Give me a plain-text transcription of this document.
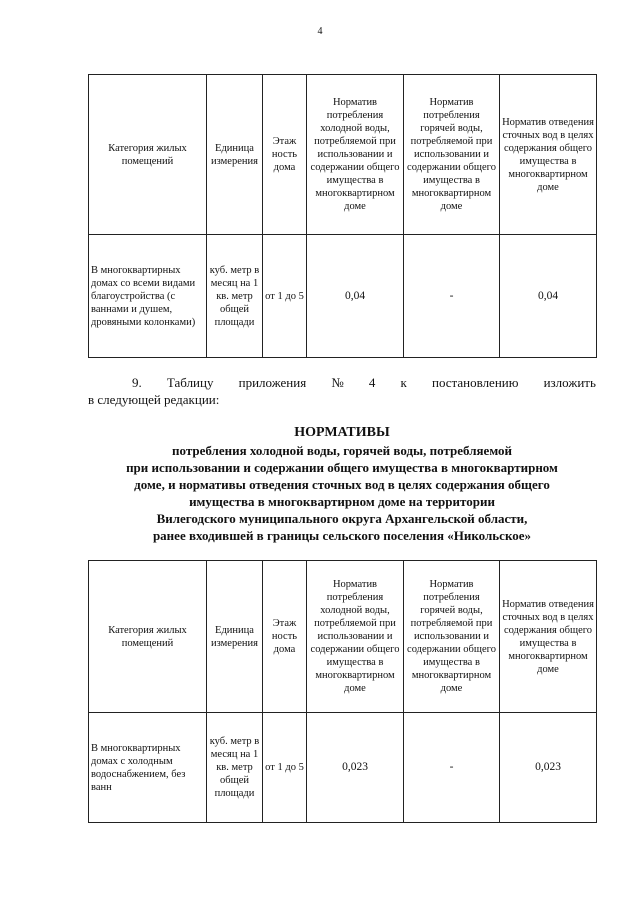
4
Категория жилых помещений	Единица измерения	Этаж ность дома	Норматив потребления холодной воды, потребляемой при использовании и содержании общего имущества в многоквартирном доме	Норматив потребления горячей воды, потребляемой при использовании и содержании общего имущества в многоквартирном доме	Норматив отведения сточных вод в целях содержания общего имущества в многоквартирном доме
В многоквартирных домах со всеми видами благоустройства (с ваннами и душем, дровяными колонками)	куб. метр в месяц на 1 кв. метр общей площади	от 1 до 5	0,04	-	0,04
9. Таблицу приложения № 4 к постановлению изложить
в следующей редакции:
НОРМАТИВЫ
потребления холодной воды, горячей воды, потребляемой
при использовании и содержании общего имущества в многоквартирном
доме, и нормативы отведения сточных вод в целях содержания общего
имущества в многоквартирном доме на территории
Вилегодского муниципального округа Архангельской области,
ранее входившей в границы сельского поселения «Никольское»
Категория жилых помещений	Единица измерения	Этаж ность дома	Норматив потребления холодной воды, потребляемой при использовании и содержании общего имущества в многоквартирном доме	Норматив потребления горячей воды, потребляемой при использовании и содержании общего имущества в многоквартирном доме	Норматив отведения сточных вод в целях содержания общего имущества в многоквартирном доме
В многоквартирных домах с холодным водоснабжением, без ванн	куб. метр в месяц на 1 кв. метр общей площади	от 1 до 5	0,023	-	0,023
